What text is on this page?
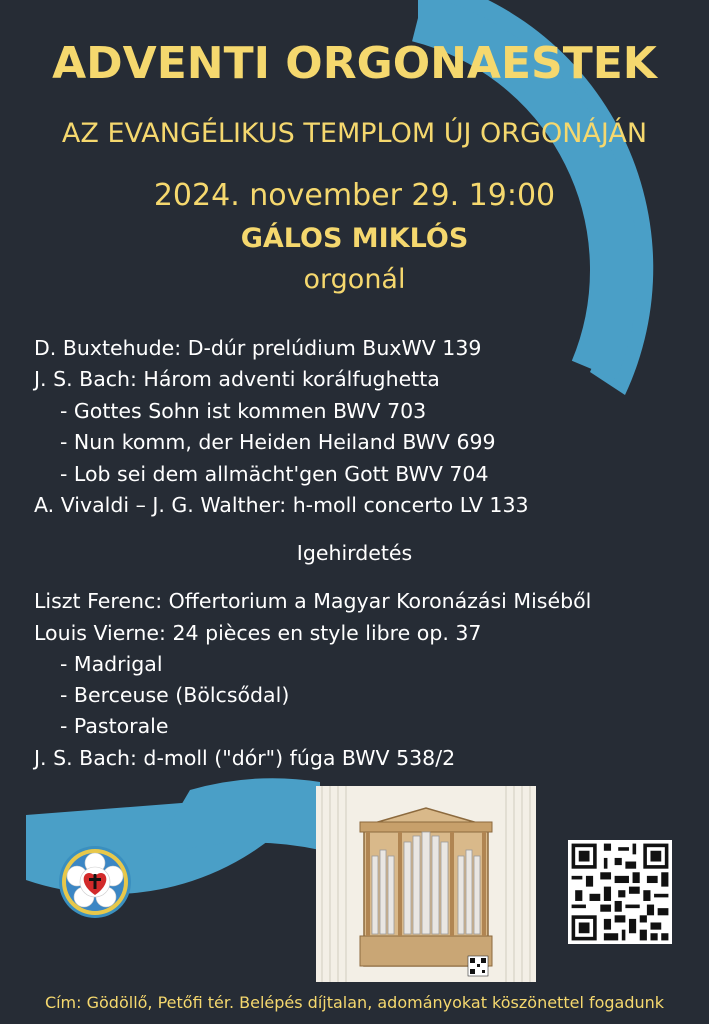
ADVENTI ORGONAESTEK
AZ EVANGÉLIKUS TEMPLOM ÚJ ORGONÁJÁN
2024. november 29. 19:00
GÁLOS MIKLÓS
orgonál
D. Buxtehude: D-dúr prelúdium BuxWV 139
J. S. Bach: Három adventi korálfughetta
- Gottes Sohn ist kommen BWV 703
- Nun komm, der Heiden Heiland BWV 699
- Lob sei dem allmächt'gen Gott BWV 704
A. Vivaldi – J. G. Walther: h-moll concerto LV 133
Igehirdetés
Liszt Ferenc: Offertorium a Magyar Koronázási Miséből
Louis Vierne: 24 pièces en style libre op. 37
- Madrigal
- Berceuse (Bölcsődal)
- Pastorale
J. S. Bach: d-moll ("dór") fúga BWV 538/2
Cím: Gödöllő, Petőfi tér. Belépés díjtalan, adományokat köszönettel fogadunk
